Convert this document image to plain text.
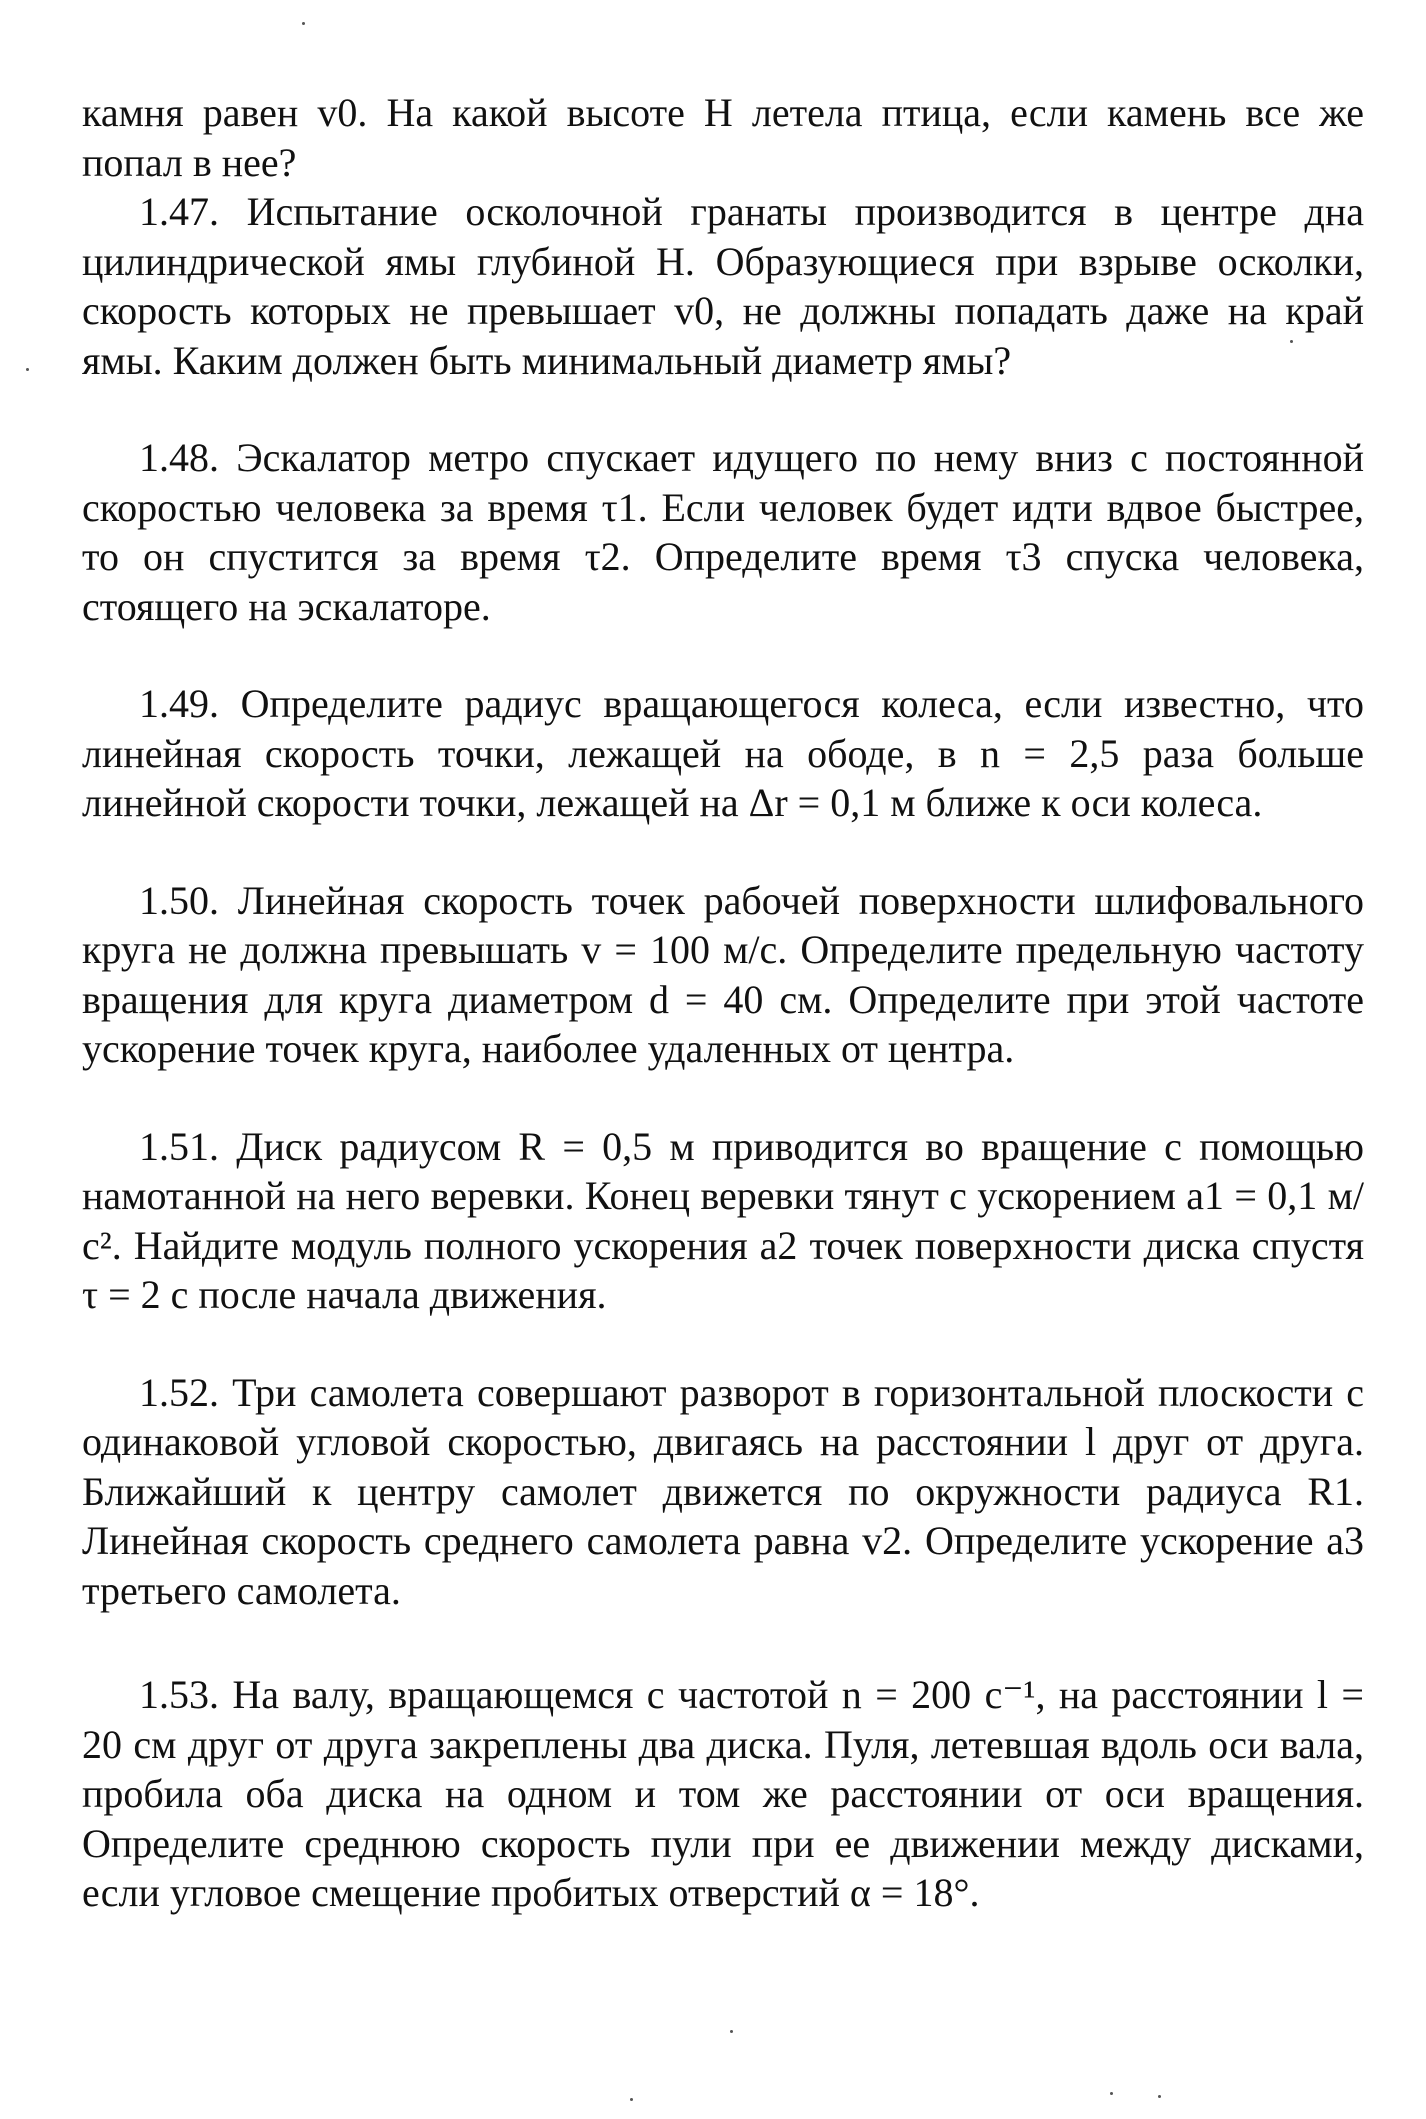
камня равен v0. На какой высоте H летела птица, если камень все же попал в нее?

1.47. Испытание осколочной гранаты производится в центре дна цилиндрической ямы глубиной H. Образующиеся при взрыве осколки, скорость которых не превышает v0, не должны попадать даже на край ямы. Каким должен быть минимальный диаметр ямы?

1.48. Эскалатор метро спускает идущего по нему вниз с постоянной скоростью человека за время τ1. Если человек будет идти вдвое быстрее, то он спустится за время τ2. Определите время τ3 спуска человека, стоящего на эскалаторе.

1.49. Определите радиус вращающегося колеса, если известно, что линейная скорость точки, лежащей на ободе, в n = 2,5 раза больше линейной скорости точки, лежащей на Δr = 0,1 м ближе к оси колеса.

1.50. Линейная скорость точек рабочей поверхности шлифовального круга не должна превышать v = 100 м/с. Определите предельную частоту вращения для круга диаметром d = 40 см. Определите при этой частоте ускорение точек круга, наиболее удаленных от центра.

1.51. Диск радиусом R = 0,5 м приводится во вращение с помощью намотанной на него веревки. Конец веревки тянут с ускорением a1 = 0,1 м/с². Найдите модуль полного ускорения a2 точек поверхности диска спустя τ = 2 с после начала движения.

1.52. Три самолета совершают разворот в горизонтальной плоскости с одинаковой угловой скоростью, двигаясь на расстоянии l друг от друга. Ближайший к центру самолет движется по окружности радиуса R1. Линейная скорость среднего самолета равна v2. Определите ускорение a3 третьего самолета.

1.53. На валу, вращающемся с частотой n = 200 с⁻¹, на расстоянии l = 20 см друг от друга закреплены два диска. Пуля, летевшая вдоль оси вала, пробила оба диска на одном и том же расстоянии от оси вращения. Определите среднюю скорость пули при ее движении между дисками, если угловое смещение пробитых отверстий α = 18°.
